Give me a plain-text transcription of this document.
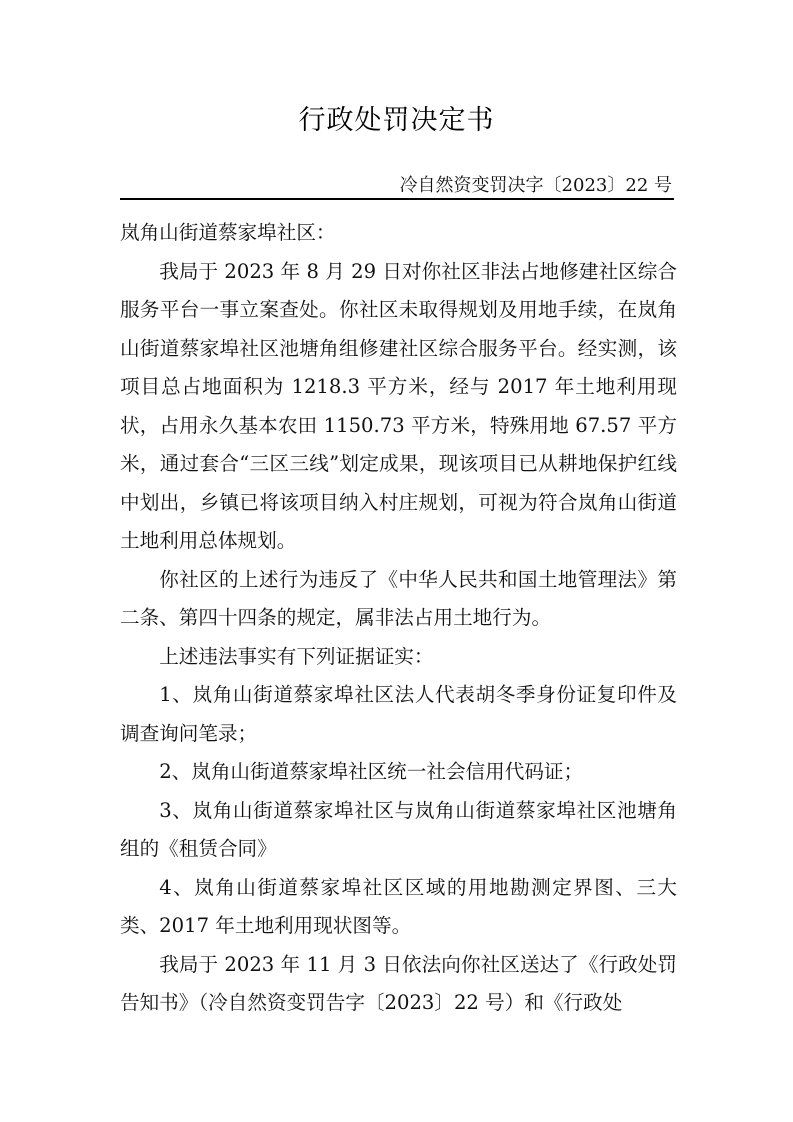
行政处罚决定书
冷自然资变罚决字〔2023〕22 号

岚角山街道蔡家埠社区：

我局于 2023 年 8 月 29 日对你社区非法占地修建社区综合服务平台一事立案查处。你社区未取得规划及用地手续，在岚角山街道蔡家埠社区池塘角组修建社区综合服务平台。经实测，该项目总占地面积为 1218.3 平方米，经与 2017 年土地利用现状，占用永久基本农田 1150.73 平方米，特殊用地 67.57 平方米，通过套合“三区三线”划定成果，现该项目已从耕地保护红线中划出，乡镇已将该项目纳入村庄规划，可视为符合岚角山街道土地利用总体规划。

你社区的上述行为违反了《中华人民共和国土地管理法》第二条、第四十四条的规定，属非法占用土地行为。

上述违法事实有下列证据证实：

1、岚角山街道蔡家埠社区法人代表胡冬季身份证复印件及调查询问笔录；

2、岚角山街道蔡家埠社区统一社会信用代码证；

3、岚角山街道蔡家埠社区与岚角山街道蔡家埠社区池塘角组的《租赁合同》

4、岚角山街道蔡家埠社区区域的用地勘测定界图、三大类、2017 年土地利用现状图等。

我局于 2023 年 11 月 3 日依法向你社区送达了《行政处罚告知书》（冷自然资变罚告字〔2023〕22 号）和《行政处
